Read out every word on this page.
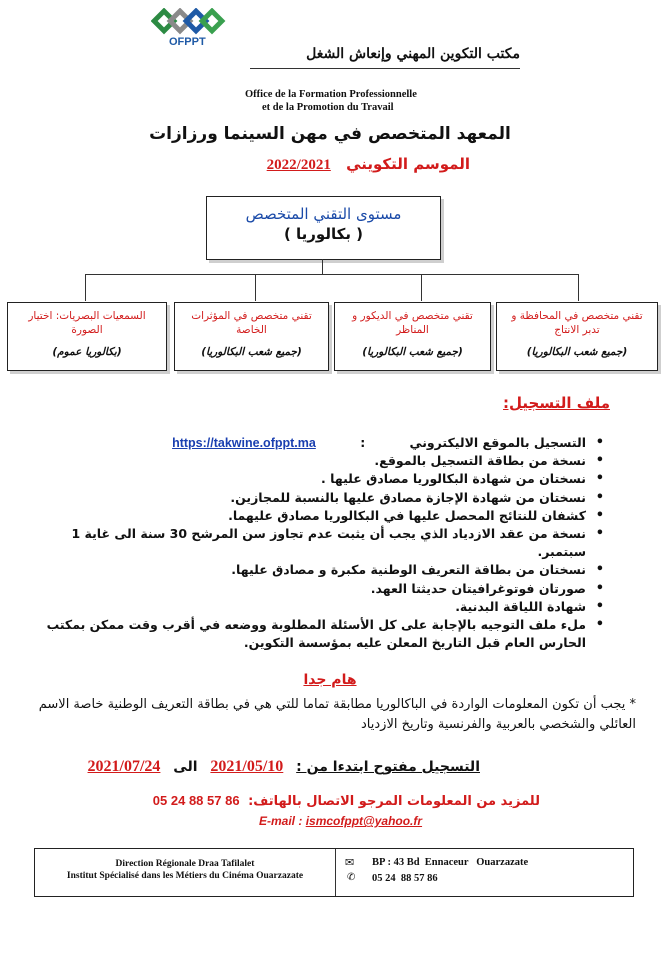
OFPPT
مكتب التكوين المهني وإنعاش الشغل
Office de la Formation Professionnelle
et de la Promotion du Travail
المعهد المتخصص في مهن السينما ورزازات
الموسم التكويني 2022/2021
مستوى التقني المتخصص
( بكالوريا )
تقني متخصص في المحافظة و تدبر الانتاج
(جميع شعب البكالوريا)
تقني متخصص في الديكور و المناظر
(جميع شعب البكالوريا)
تقني متخصص في المؤثرات الخاصة
(جميع شعب البكالوريا)
السمعيات البصريات: اختيار الصورة
(بكالوريا عموم)
ملف التسجيل:
• التسجيل بالموقع الاليكتروني : https://takwine.ofppt.ma
• نسخة من بطاقة التسجيل بالموقع.
• نسختان من شهادة البكالوريا مصادق عليها .
• نسختان من شهادة الإجازة مصادق عليها بالنسبة للمجازين.
• كشفان للنتائج المحصل عليها في البكالوريا مصادق عليهما.
• نسخة من عقد الازدياد الذي يجب أن يثبت عدم تجاوز سن المرشح 30 سنة الى غاية 1 سبتمبر.
• نسختان من بطاقة التعريف الوطنية مكبرة و مصادق عليها.
• صورتان فوتوغرافيتان حديثتا العهد.
• شهادة اللياقة البدنية.
• ملء ملف التوجيه بالإجابة على كل الأسئلة المطلوبة ووضعه في أقرب وقت ممكن بمكتب الحارس العام قبل التاريخ المعلن عليه بمؤسسة التكوين.
هام جدا
* يجب أن تكون المعلومات الواردة في الباكالوريا مطابقة تماما للتي هي في بطاقة التعريف الوطنية خاصة الاسم العائلي والشخصي بالعربية والفرنسية وتاريخ الازدياد
التسجيل مفتوح ابتدءا من : 2021/05/10 الى 2021/07/24
للمزيد من المعلومات المرجو الاتصال بالهاتف: 05 24 88 57 86
E-mail : ismcofppt@yahoo.fr
Direction Régionale Draa Tafilalet
Institut Spécialisé dans les Métiers du Cinéma Ouarzazate
✉ BP : 43 Bd  Ennaceur   Ouarzazate
✆ 05 24  88 57 86
